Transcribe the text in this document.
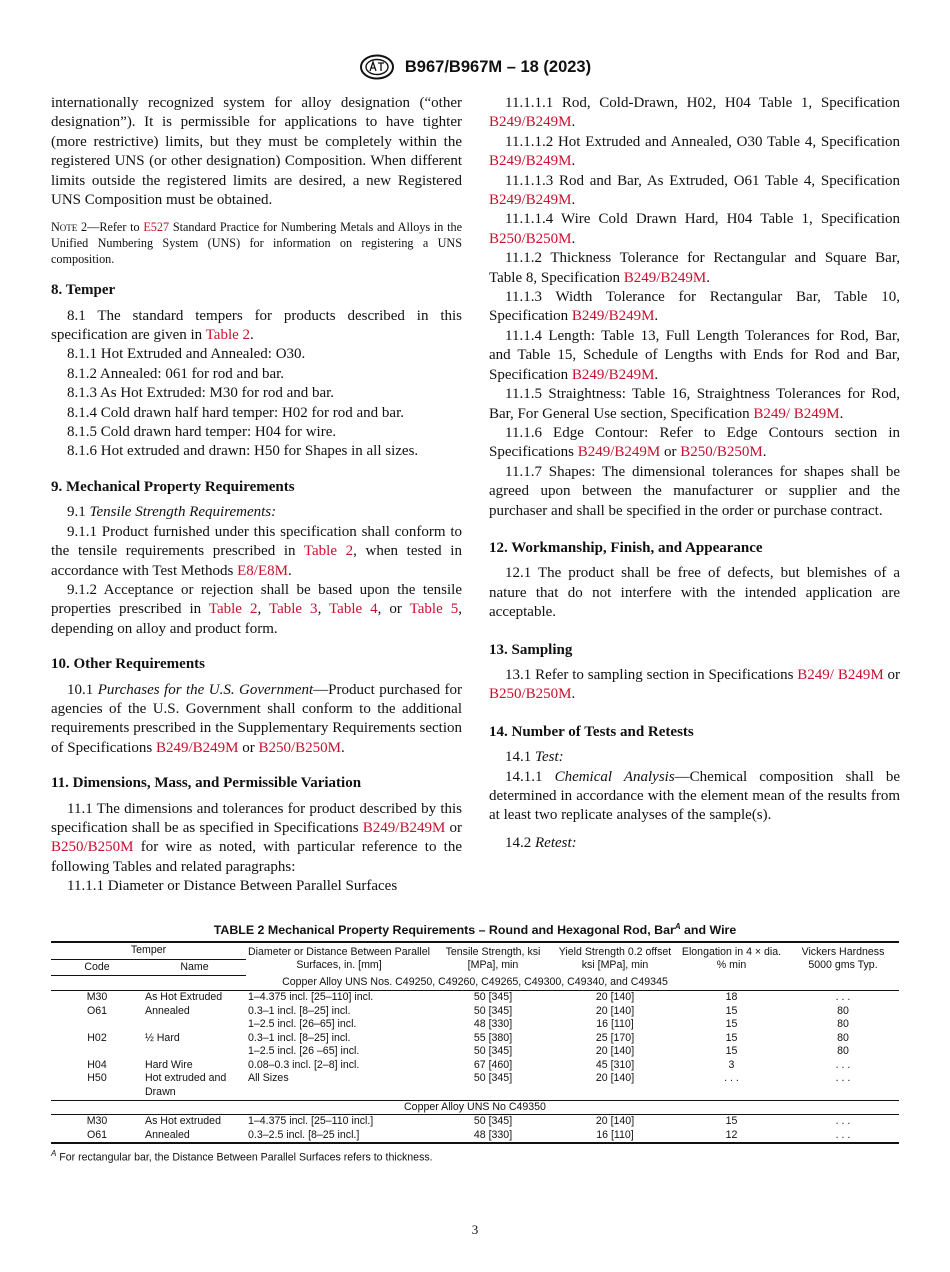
B967/B967M – 18 (2023)

internationally recognized system for alloy designation (“other designation”). It is permissible for applications to have tighter (more restrictive) limits, but they must be completely within the registered UNS (or other designation) Composition. When different limits outside the registered limits are desired, a new Registered UNS Composition must be obtained.

Note 2—Refer to E527 Standard Practice for Numbering Metals and Alloys in the Unified Numbering System (UNS) for information on registering a UNS composition.

8. Temper

8.1 The standard tempers for products described in this specification are given in Table 2.

8.1.1 Hot Extruded and Annealed: O30.

8.1.2 Annealed: 061 for rod and bar.

8.1.3 As Hot Extruded: M30 for rod and bar.

8.1.4 Cold drawn half hard temper: H02 for rod and bar.

8.1.5 Cold drawn hard temper: H04 for wire.

8.1.6 Hot extruded and drawn: H50 for Shapes in all sizes.

9. Mechanical Property Requirements

9.1 Tensile Strength Requirements:

9.1.1 Product furnished under this specification shall conform to the tensile requirements prescribed in Table 2, when tested in accordance with Test Methods E8/E8M.

9.1.2 Acceptance or rejection shall be based upon the tensile properties prescribed in Table 2, Table 3, Table 4, or Table 5, depending on alloy and product form.

10. Other Requirements

10.1 Purchases for the U.S. Government—Product purchased for agencies of the U.S. Government shall conform to the additional requirements prescribed in the Supplementary Requirements section of Specifications B249/B249M or B250/B250M.

11. Dimensions, Mass, and Permissible Variation

11.1 The dimensions and tolerances for product described by this specification shall be as specified in Specifications B249/B249M or B250/B250M for wire as noted, with particular reference to the following Tables and related paragraphs:

11.1.1 Diameter or Distance Between Parallel Surfaces

11.1.1.1 Rod, Cold-Drawn, H02, H04 Table 1, Specification B249/B249M.

11.1.1.2 Hot Extruded and Annealed, O30 Table 4, Specification B249/B249M.

11.1.1.3 Rod and Bar, As Extruded, O61 Table 4, Specification B249/B249M.

11.1.1.4 Wire Cold Drawn Hard, H04 Table 1, Specification B250/B250M.

11.1.2 Thickness Tolerance for Rectangular and Square Bar, Table 8, Specification B249/B249M.

11.1.3 Width Tolerance for Rectangular Bar, Table 10, Specification B249/B249M.

11.1.4 Length: Table 13, Full Length Tolerances for Rod, Bar, and Table 15, Schedule of Lengths with Ends for Rod and Bar, Specification B249/B249M.

11.1.5 Straightness: Table 16, Straightness Tolerances for Rod, Bar, For General Use section, Specification B249/ B249M.

11.1.6 Edge Contour: Refer to Edge Contours section in Specifications B249/B249M or B250/B250M.

11.1.7 Shapes: The dimensional tolerances for shapes shall be agreed upon between the manufacturer or supplier and the purchaser and shall be specified in the order or purchase contract.

12. Workmanship, Finish, and Appearance

12.1 The product shall be free of defects, but blemishes of a nature that do not interfere with the intended application are acceptable.

13. Sampling

13.1 Refer to sampling section in Specifications B249/ B249M or B250/B250M.

14. Number of Tests and Retests

14.1 Test:

14.1.1 Chemical Analysis—Chemical composition shall be determined in accordance with the element mean of the results from at least two replicate analyses of the sample(s).

14.2 Retest:

TABLE 2 Mechanical Property Requirements – Round and Hexagonal Rod, Bar$^A$ and Wire
Temper		Diameter or Distance Between Parallel Surfaces, in. [mm]	Tensile Strength, ksi [MPa], min	Yield Strength 0.2 offset ksi [MPa], min	Elongation in 4 × dia. % min	Vickers Hardness 5000 gms Typ.
Code	Name					
Copper Alloy UNS Nos. C49250, C49260, C49265, C49300, C49340, and C49345						
M30	As Hot Extruded	1–4.375 incl. [25–110] incl.	50 [345]	20 [140]	18	. . .
O61	Annealed	0.3–1 incl. [8–25] incl.	50 [345]	20 [140]	15	80
		1–2.5 incl. [26–65] incl.	48 [330]	16 [110]	15	80
H02	½ Hard	0.3–1 incl. [8–25] incl.	55 [380]	25 [170]	15	80
		1–2.5 incl. [26 –65] incl.	50 [345]	20 [140]	15	80
H04	Hard Wire	0.08–0.3 incl. [2–8] incl.	67 [460]	45 [310]	3	. . .
H50	Hot extruded and Drawn	All Sizes	50 [345]	20 [140]	. . .	. . .
Copper Alloy UNS No C49350						
M30	As Hot extruded	1–4.375 incl. [25–110 incl.]	50 [345]	20 [140]	15	. . .
O61	Annealed	0.3–2.5 incl. [8–25 incl.]	48 [330]	16 [110]	12	. . .
$^A$ For rectangular bar, the Distance Between Parallel Surfaces refers to thickness.
3
